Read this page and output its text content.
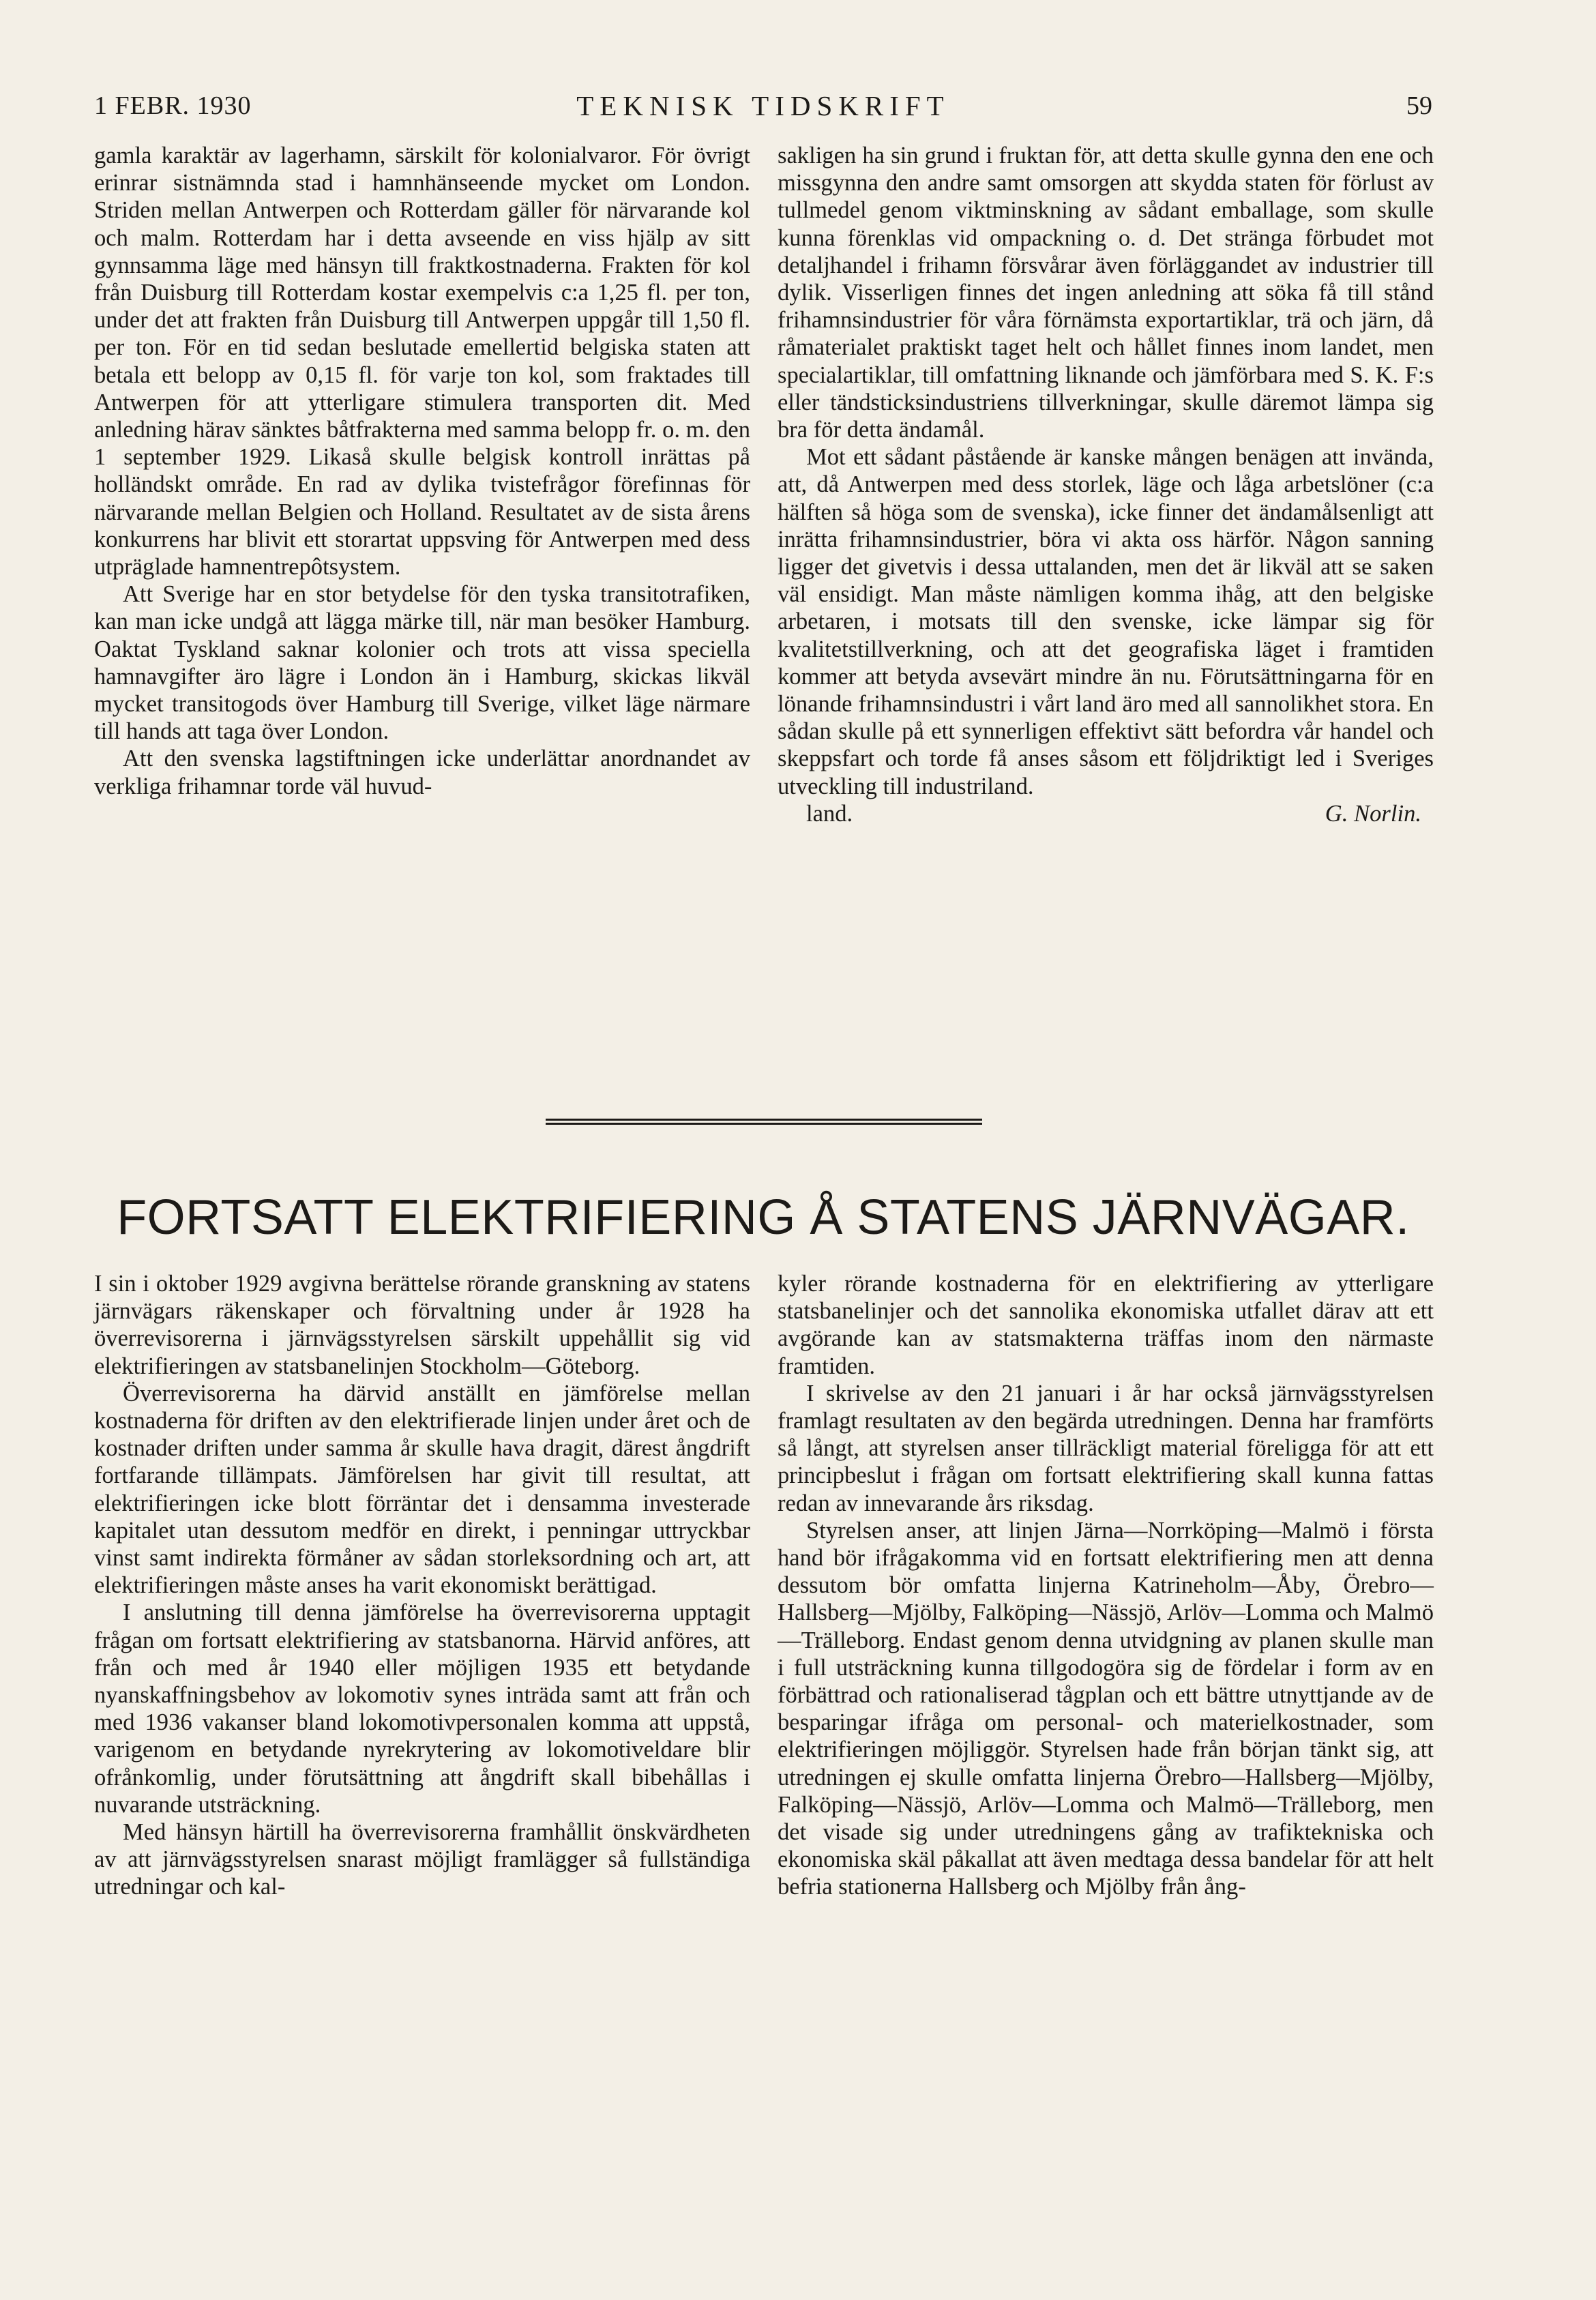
1 FEBR. 1930	TEKNISK TIDSKRIFT	59

gamla karaktär av lagerhamn, särskilt för kolonialvaror. För övrigt erinrar sistnämnda stad i hamnhänseende mycket om London. Striden mellan Antwerpen och Rotterdam gäller för närvarande kol och malm. Rotterdam har i detta avseende en viss hjälp av sitt gynnsamma läge med hänsyn till fraktkostnaderna. Frakten för kol från Duisburg till Rotterdam kostar exempelvis c:a 1,25 fl. per ton, under det att frakten från Duisburg till Antwerpen uppgår till 1,50 fl. per ton. För en tid sedan beslutade emellertid belgiska staten att betala ett belopp av 0,15 fl. för varje ton kol, som fraktades till Antwerpen för att ytterligare stimulera transporten dit. Med anledning härav sänktes båtfrakterna med samma belopp fr. o. m. den 1 september 1929. Likaså skulle belgisk kontroll inrättas på holländskt område. En rad av dylika tvistefrågor förefinnas för närvarande mellan Belgien och Holland. Resultatet av de sista årens konkurrens har blivit ett storartat uppsving för Antwerpen med dess utpräglade hamnentrepôtsystem.

Att Sverige har en stor betydelse för den tyska transitotrafiken, kan man icke undgå att lägga märke till, när man besöker Hamburg. Oaktat Tyskland saknar kolonier och trots att vissa speciella hamnavgifter äro lägre i London än i Hamburg, skickas likväl mycket transitogods över Hamburg till Sverige, vilket läge närmare till hands att taga över London.

Att den svenska lagstiftningen icke underlättar anordnandet av verkliga frihamnar torde väl huvud-

sakligen ha sin grund i fruktan för, att detta skulle gynna den ene och missgynna den andre samt omsorgen att skydda staten för förlust av tullmedel genom viktminskning av sådant emballage, som skulle kunna förenklas vid ompackning o. d. Det stränga förbudet mot detaljhandel i frihamn försvårar även förläggandet av industrier till dylik. Visserligen finnes det ingen anledning att söka få till stånd frihamnsindustrier för våra förnämsta exportartiklar, trä och järn, då råmaterialet praktiskt taget helt och hållet finnes inom landet, men specialartiklar, till omfattning liknande och jämförbara med S. K. F:s eller tändsticksindustriens tillverkningar, skulle däremot lämpa sig bra för detta ändamål.

Mot ett sådant påstående är kanske mången benägen att invända, att, då Antwerpen med dess storlek, läge och låga arbetslöner (c:a hälften så höga som de svenska), icke finner det ändamålsenligt att inrätta frihamnsindustrier, böra vi akta oss härför. Någon sanning ligger det givetvis i dessa uttalanden, men det är likväl att se saken väl ensidigt. Man måste nämligen komma ihåg, att den belgiske arbetaren, i motsats till den svenske, icke lämpar sig för kvalitetstillverkning, och att det geografiska läget i framtiden kommer att betyda avsevärt mindre än nu. Förutsättningarna för en lönande frihamnsindustri i vårt land äro med all sannolikhet stora. En sådan skulle på ett synnerligen effektivt sätt befordra vår handel och skeppsfart och torde få anses såsom ett följdriktigt led i Sveriges utveckling till industriland.

land.	G. Norlin.

FORTSATT ELEKTRIFIERING Å STATENS JÄRNVÄGAR.

I sin i oktober 1929 avgivna berättelse rörande granskning av statens järnvägars räkenskaper och förvaltning under år 1928 ha överrevisorerna i järnvägsstyrelsen särskilt uppehållit sig vid elektrifieringen av statsbanelinjen Stockholm—Göteborg.

Överrevisorerna ha därvid anställt en jämförelse mellan kostnaderna för driften av den elektrifierade linjen under året och de kostnader driften under samma år skulle hava dragit, därest ångdrift fortfarande tillämpats. Jämförelsen har givit till resultat, att elektrifieringen icke blott förräntar det i densamma investerade kapitalet utan dessutom medför en direkt, i penningar uttryckbar vinst samt indirekta förmåner av sådan storleksordning och art, att elektrifieringen måste anses ha varit ekonomiskt berättigad.

I anslutning till denna jämförelse ha överrevisorerna upptagit frågan om fortsatt elektrifiering av statsbanorna. Härvid anföres, att från och med år 1940 eller möjligen 1935 ett betydande nyanskaffningsbehov av lokomotiv synes inträda samt att från och med 1936 vakanser bland lokomotivpersonalen komma att uppstå, varigenom en betydande nyrekrytering av lokomotiveldare blir ofrånkomlig, under förutsättning att ångdrift skall bibehållas i nuvarande utsträckning.

Med hänsyn härtill ha överrevisorerna framhållit önskvärdheten av att järnvägsstyrelsen snarast möjligt framlägger så fullständiga utredningar och kal-

kyler rörande kostnaderna för en elektrifiering av ytterligare statsbanelinjer och det sannolika ekonomiska utfallet därav att ett avgörande kan av statsmakterna träffas inom den närmaste framtiden.

I skrivelse av den 21 januari i år har också järnvägsstyrelsen framlagt resultaten av den begärda utredningen. Denna har framförts så långt, att styrelsen anser tillräckligt material föreligga för att ett principbeslut i frågan om fortsatt elektrifiering skall kunna fattas redan av innevarande års riksdag.

Styrelsen anser, att linjen Järna—Norrköping—Malmö i första hand bör ifrågakomma vid en fortsatt elektrifiering men att denna dessutom bör omfatta linjerna Katrineholm—Åby, Örebro—Hallsberg—Mjölby, Falköping—Nässjö, Arlöv—Lomma och Malmö—Trälleborg. Endast genom denna utvidgning av planen skulle man i full utsträckning kunna tillgodogöra sig de fördelar i form av en förbättrad och rationaliserad tågplan och ett bättre utnyttjande av de besparingar ifråga om personal- och materielkostnader, som elektrifieringen möjliggör. Styrelsen hade från början tänkt sig, att utredningen ej skulle omfatta linjerna Örebro—Hallsberg—Mjölby, Falköping—Nässjö, Arlöv—Lomma och Malmö—Trälleborg, men det visade sig under utredningens gång av trafiktekniska och ekonomiska skäl påkallat att även medtaga dessa bandelar för att helt befria stationerna Hallsberg och Mjölby från ång-
